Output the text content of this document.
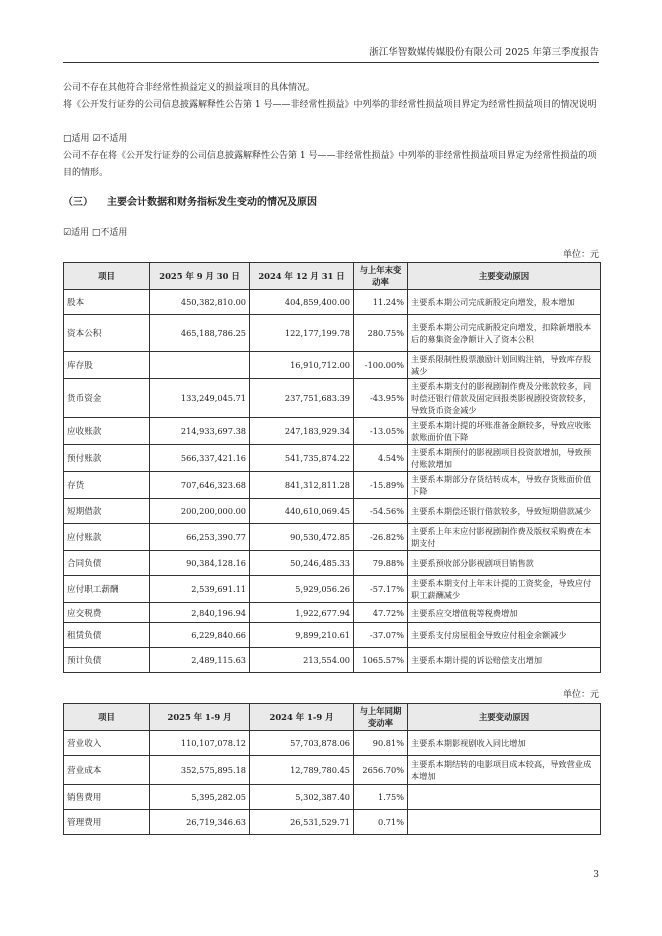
浙江华智数媒传媒股份有限公司 2025 年第三季度报告
公司不存在其他符合非经常性损益定义的损益项目的具体情况。
将《公开发行证券的公司信息披露解释性公告第 1 号——非经常性损益》中列举的非经常性损益项目界定为经常性损益项目的情况说明
□适用 ☑不适用
公司不存在将《公开发行证券的公司信息披露解释性公告第 1 号——非经常性损益》中列举的非经常性损益项目界定为经常性损益的项目的情形。
（三） 主要会计数据和财务指标发生变动的情况及原因
☑适用 □不适用
单位：元
项目	2025 年 9 月 30 日	2024 年 12 月 31 日	与上年末变动率	主要变动原因
股本	450,382,810.00	404,859,400.00	11.24%	主要系本期公司完成新股定向增发，股本增加
资本公积	465,188,786.25	122,177,199.78	280.75%	主要系本期公司完成新股定向增发，扣除新增股本后的募集资金净额计入了资本公积
库存股		16,910,712.00	-100.00%	主要系限制性股票激励计划回购注销，导致库存股减少
货币资金	133,249,045.71	237,751,683.39	-43.95%	主要系本期支付的影视剧制作费及分账款较多，同时偿还银行借款及固定回报类影视剧投资款较多，导致货币资金减少
应收账款	214,933,697.38	247,183,929.34	-13.05%	主要系本期计提的坏账准备金额较多，导致应收账款账面价值下降
预付账款	566,337,421.16	541,735,874.22	4.54%	主要系本期预付的影视剧项目投资款增加，导致预付账款增加
存货	707,646,323.68	841,312,811.28	-15.89%	主要系本期部分存货结转成本，导致存货账面价值下降
短期借款	200,200,000.00	440,610,069.45	-54.56%	主要系本期偿还银行借款较多，导致短期借款减少
应付账款	66,253,390.77	90,530,472.85	-26.82%	主要系上年末应付影视剧制作费及版权采购费在本期支付
合同负债	90,384,128.16	50,246,485.33	79.88%	主要系预收部分影视剧项目销售款
应付职工薪酬	2,539,691.11	5,929,056.26	-57.17%	主要系本期支付上年末计提的工资奖金，导致应付职工薪酬减少
应交税费	2,840,196.94	1,922,677.94	47.72%	主要系应交增值税等税费增加
租赁负债	6,229,840.66	9,899,210.61	-37.07%	主要系支付房屋租金导致应付租金余额减少
预计负债	2,489,115.63	213,554.00	1065.57%	主要系本期计提的诉讼赔偿支出增加
单位：元
项目	2025 年 1-9 月	2024 年 1-9 月	与上年同期变动率	主要变动原因
营业收入	110,107,078.12	57,703,878.06	90.81%	主要系本期影视剧收入同比增加
营业成本	352,575,895.18	12,789,780.45	2656.70%	主要系本期结转的电影项目成本较高，导致营业成本增加
销售费用	5,395,282.05	5,302,387.40	1.75%	
管理费用	26,719,346.63	26,531,529.71	0.71%	
3
